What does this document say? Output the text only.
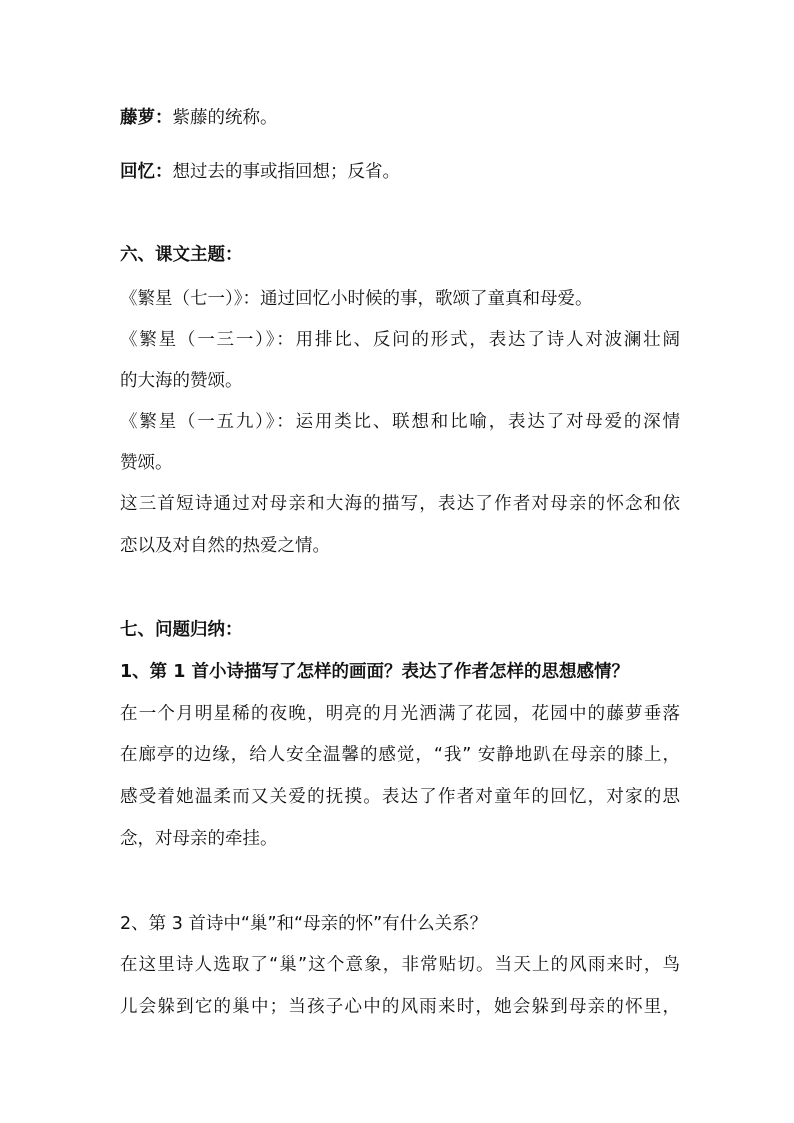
藤萝：紫藤的统称。
回忆：想过去的事或指回想；反省。
六、课文主题：
《繁星（七一）》：通过回忆小时候的事，歌颂了童真和母爱。
《繁星（一三一）》：用排比、反问的形式，表达了诗人对波澜壮阔
的大海的赞颂。
《繁星（一五九）》：运用类比、联想和比喻，表达了对母爱的深情
赞颂。
这三首短诗通过对母亲和大海的描写，表达了作者对母亲的怀念和依
恋以及对自然的热爱之情。
七、问题归纳：
1、第 1 首小诗描写了怎样的画面？表达了作者怎样的思想感情？
在一个月明星稀的夜晚，明亮的月光洒满了花园，花园中的藤萝垂落
在廊亭的边缘，给人安全温馨的感觉，“我” 安静地趴在母亲的膝上，
感受着她温柔而又关爱的抚摸。表达了作者对童年的回忆，对家的思
念，对母亲的牵挂。
2、第 3 首诗中“巢”和“母亲的怀”有什么关系？
在这里诗人选取了“巢”这个意象，非常贴切。当天上的风雨来时，鸟
儿会躲到它的巢中；当孩子心中的风雨来时，她会躲到母亲的怀里，
